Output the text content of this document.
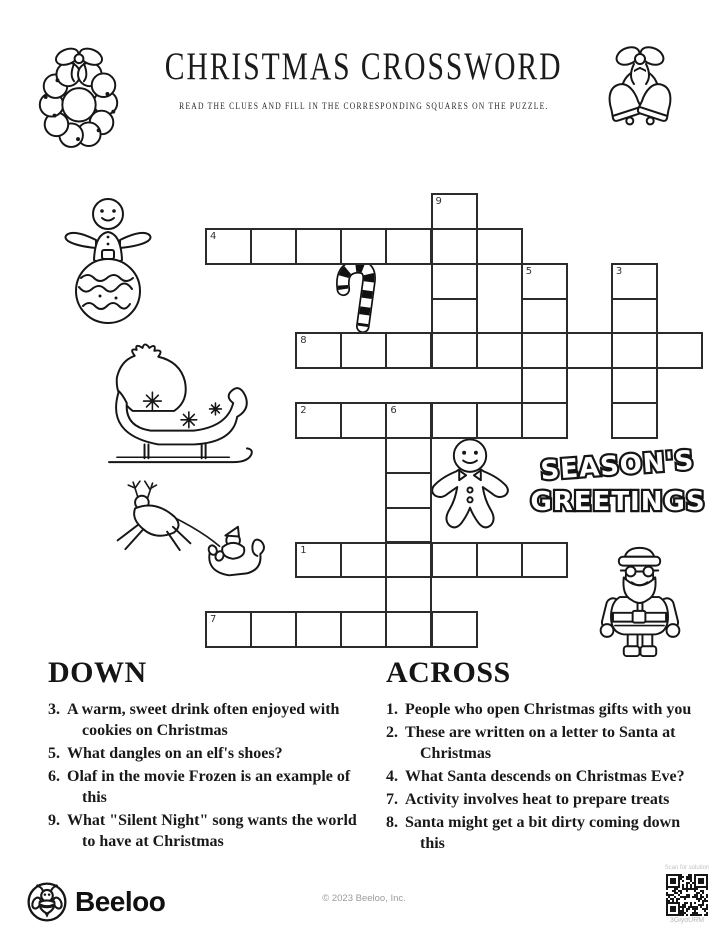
CHRISTMAS CROSSWORD
READ THE CLUES AND FILL IN THE CORRESPONDING SQUARES ON THE PUZZLE.
SEASON'S
GREETINGS
9
4
5	3
8
2	6
1
7
DOWN
3. A warm, sweet drink often enjoyed with cookies on Christmas
5. What dangles on an elf's shoes?
6. Olaf in the movie Frozen is an example of this
9. What "Silent Night" song wants the world to have at Christmas
ACROSS
1. People who open Christmas gifts with you
2. These are written on a letter to Santa at Christmas
4. What Santa descends on Christmas Eve?
7. Activity involves heat to prepare treats
8. Santa might get a bit dirty coming down this
Beeloo	© 2023 Beeloo, Inc.
Scan for solution
3GiyoURM
